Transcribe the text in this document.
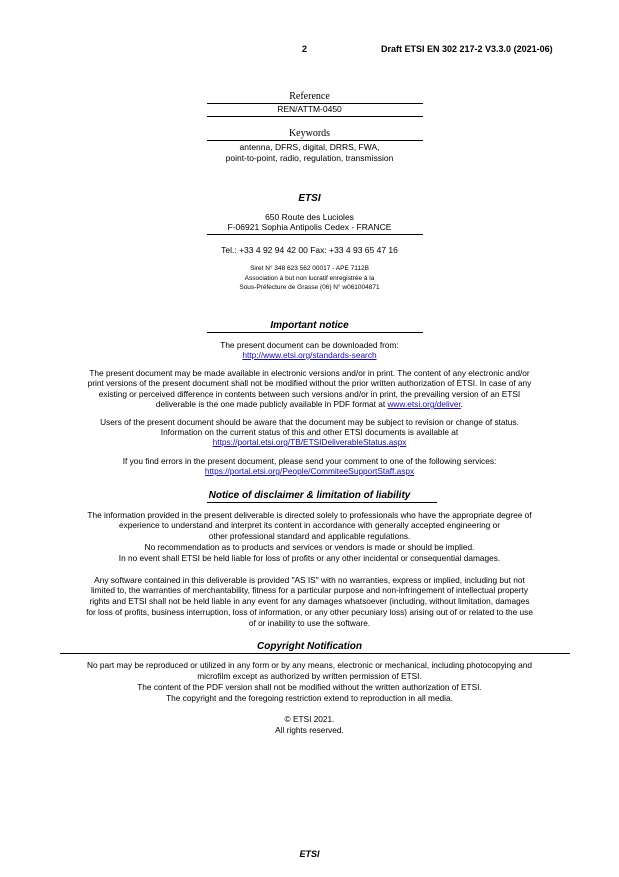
2	Draft ETSI EN 302 217-2 V3.3.0 (2021-06)
Reference
REN/ATTM-0450
Keywords
antenna, DFRS, digital, DRRS, FWA,
point-to-point, radio, regulation, transmission
ETSI
650 Route des Lucioles
F-06921 Sophia Antipolis Cedex - FRANCE
Tel.: +33 4 92 94 42 00 Fax: +33 4 93 65 47 16
Siret N° 348 623 562 00017 - APE 7112B
Association à but non lucratif enregistrée à la
Sous-Préfecture de Grasse (06) N° w061004871
Important notice
The present document can be downloaded from:
http://www.etsi.org/standards-search
The present document may be made available in electronic versions and/or in print. The content of any electronic and/or
print versions of the present document shall not be modified without the prior written authorization of ETSI. In case of any
existing or perceived difference in contents between such versions and/or in print, the prevailing version of an ETSI
deliverable is the one made publicly available in PDF format at www.etsi.org/deliver.
Users of the present document should be aware that the document may be subject to revision or change of status.
Information on the current status of this and other ETSI documents is available at
https://portal.etsi.org/TB/ETSIDeliverableStatus.aspx
If you find errors in the present document, please send your comment to one of the following services:
https://portal.etsi.org/People/CommiteeSupportStaff.aspx
Notice of disclaimer & limitation of liability
The information provided in the present deliverable is directed solely to professionals who have the appropriate degree of
experience to understand and interpret its content in accordance with generally accepted engineering or
other professional standard and applicable regulations.
No recommendation as to products and services or vendors is made or should be implied.
In no event shall ETSI be held liable for loss of profits or any other incidental or consequential damages.
Any software contained in this deliverable is provided "AS IS" with no warranties, express or implied, including but not
limited to, the warranties of merchantability, fitness for a particular purpose and non-infringement of intellectual property
rights and ETSI shall not be held liable in any event for any damages whatsoever (including, without limitation, damages
for loss of profits, business interruption, loss of information, or any other pecuniary loss) arising out of or related to the use
of or inability to use the software.
Copyright Notification
No part may be reproduced or utilized in any form or by any means, electronic or mechanical, including photocopying and
microfilm except as authorized by written permission of ETSI.
The content of the PDF version shall not be modified without the written authorization of ETSI.
The copyright and the foregoing restriction extend to reproduction in all media.
© ETSI 2021.
All rights reserved.
ETSI
